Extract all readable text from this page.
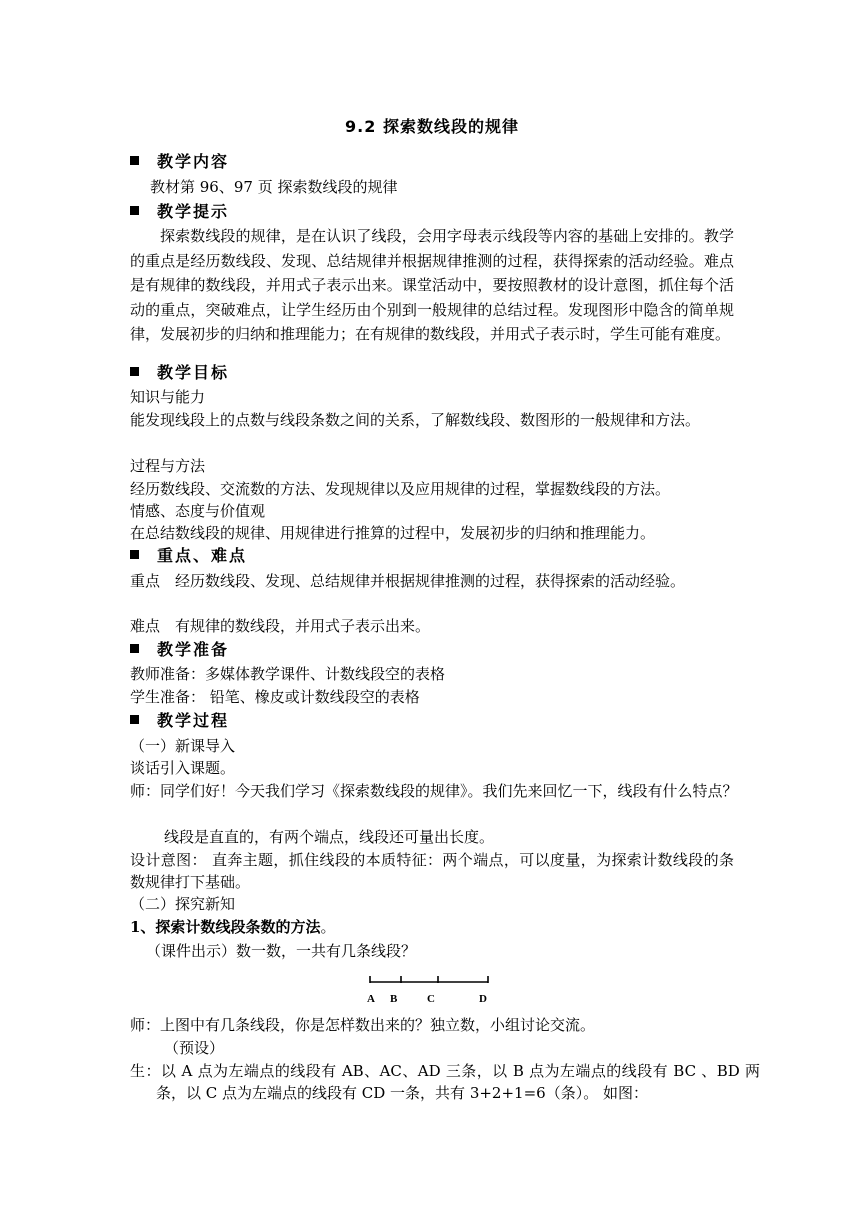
9.2 探索数线段的规律
教学内容
教材第 96、97 页 探索数线段的规律
教学提示
探索数线段的规律，是在认识了线段，会用字母表示线段等内容的基础上安排的。教学的重点是经历数线段、发现、总结规律并根据规律推测的过程，获得探索的活动经验。难点是有规律的数线段，并用式子表示出来。课堂活动中，要按照教材的设计意图，抓住每个活动的重点，突破难点，让学生经历由个别到一般规律的总结过程。发现图形中隐含的简单规律，发展初步的归纳和推理能力；在有规律的数线段，并用式子表示时，学生可能有难度。
教学目标
知识与能力
能发现线段上的点数与线段条数之间的关系，了解数线段、数图形的一般规律和方法。
过程与方法
经历数线段、交流数的方法、发现规律以及应用规律的过程，掌握数线段的方法。
情感、态度与价值观
在总结数线段的规律、用规律进行推算的过程中，发展初步的归纳和推理能力。
重点、难点
重点　经历数线段、发现、总结规律并根据规律推测的过程，获得探索的活动经验。
难点　有规律的数线段，并用式子表示出来。
教学准备
教师准备：多媒体教学课件、计数线段空的表格
学生准备： 铅笔、橡皮或计数线段空的表格
教学过程
（一）新课导入
谈话引入课题。
师：同学们好！今天我们学习《探索数线段的规律》。我们先来回忆一下，线段有什么特点？
线段是直直的，有两个端点，线段还可量出长度。
设计意图： 直奔主题，抓住线段的本质特征：两个端点，可以度量，为探索计数线段的条数规律打下基础。
（二）探究新知
1、探索计数线段条数的方法。
（课件出示）数一数，一共有几条线段？
A B	C	D
师：上图中有几条线段，你是怎样数出来的？独立数，小组讨论交流。
（预设）
生：以 A 点为左端点的线段有 AB、AC、AD 三条，以 B 点为左端点的线段有 BC 、BD 两条，以 C 点为左端点的线段有 CD 一条，共有 3+2+1=6（条）。 如图：
